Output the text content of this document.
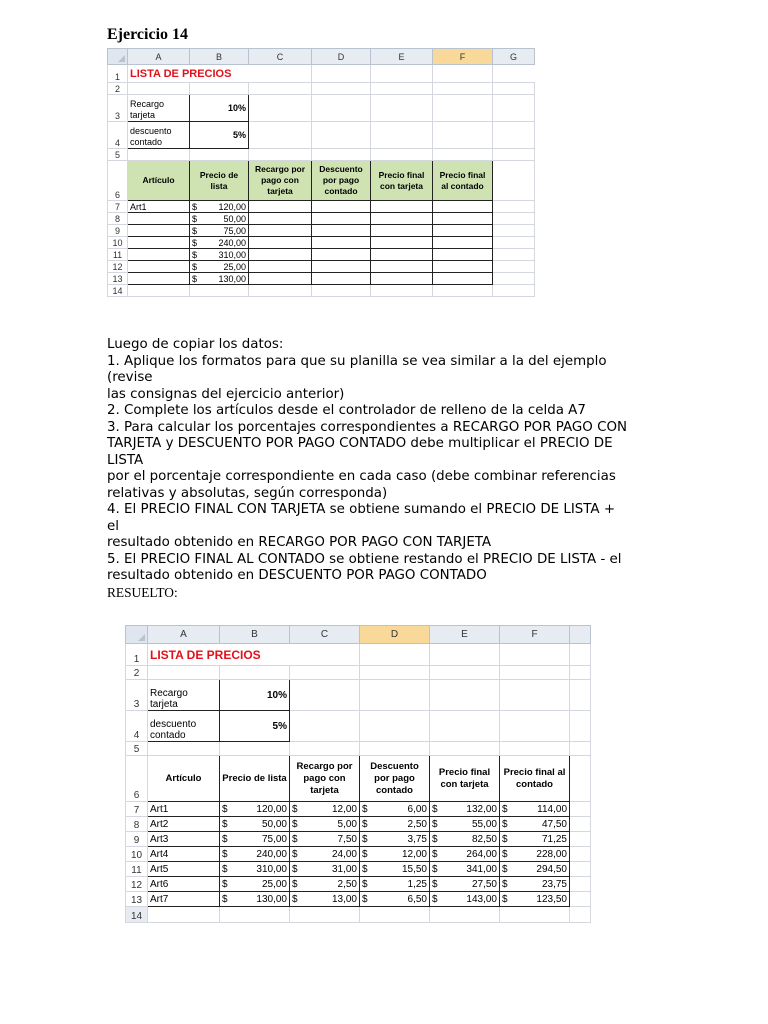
Ejercicio 14
	A	B	C	D	E	F	G
1	LISTA DE PRECIOS						
2							
3	Recargo tarjeta	10%					
4	descuento contado	5%					
5							
6	Artículo	Precio de lista	Recargo por pago con tarjeta	Descuento por pago contado	Precio final con tarjeta	Precio final al contado	
7	Art1	$ 120,00					

8		$ 50,00					

9		$ 75,00					

10		$ 240,00					

11		$ 310,00					

12		$ 25,00					

13		$ 130,00					

14							
Luego de copiar los datos:
1. Aplique los formatos para que su planilla se vea similar a la del ejemplo
(revise
las consignas del ejercicio anterior)
2. Complete los artículos desde el controlador de relleno de la celda A7
3. Para calcular los porcentajes correspondientes a RECARGO POR PAGO CON
TARJETA y DESCUENTO POR PAGO CONTADO debe multiplicar el PRECIO DE
LISTA
por el porcentaje correspondiente en cada caso (debe combinar referencias
relativas y absolutas, según corresponda)
4. El PRECIO FINAL CON TARJETA se obtiene sumando el PRECIO DE LISTA +
el
resultado obtenido en RECARGO POR PAGO CON TARJETA
5. El PRECIO FINAL AL CONTADO se obtiene restando el PRECIO DE LISTA - el
resultado obtenido en DESCUENTO POR PAGO CONTADO
RESUELTO:
	A	B	C	D	E	F	
1	LISTA DE PRECIOS						
2							
3	Recargo tarjeta	10%					
4	descuento contado	5%					
5							
6	Artículo	Precio de lista	Recargo por pago con tarjeta	Descuento por pago contado	Precio final con tarjeta	Precio final al contado	
7	Art1	$ 120,00	$ 12,00	$ 6,00	$ 132,00	$ 114,00	

8	Art2	$ 50,00	$ 5,00	$ 2,50	$ 55,00	$ 47,50	

9	Art3	$ 75,00	$ 7,50	$ 3,75	$ 82,50	$ 71,25	

10	Art4	$ 240,00	$ 24,00	$ 12,00	$ 264,00	$ 228,00	

11	Art5	$ 310,00	$ 31,00	$ 15,50	$ 341,00	$ 294,50	

12	Art6	$ 25,00	$ 2,50	$ 1,25	$ 27,50	$ 23,75	

13	Art7	$ 130,00	$ 13,00	$ 6,50	$ 143,00	$ 123,50	

14							
